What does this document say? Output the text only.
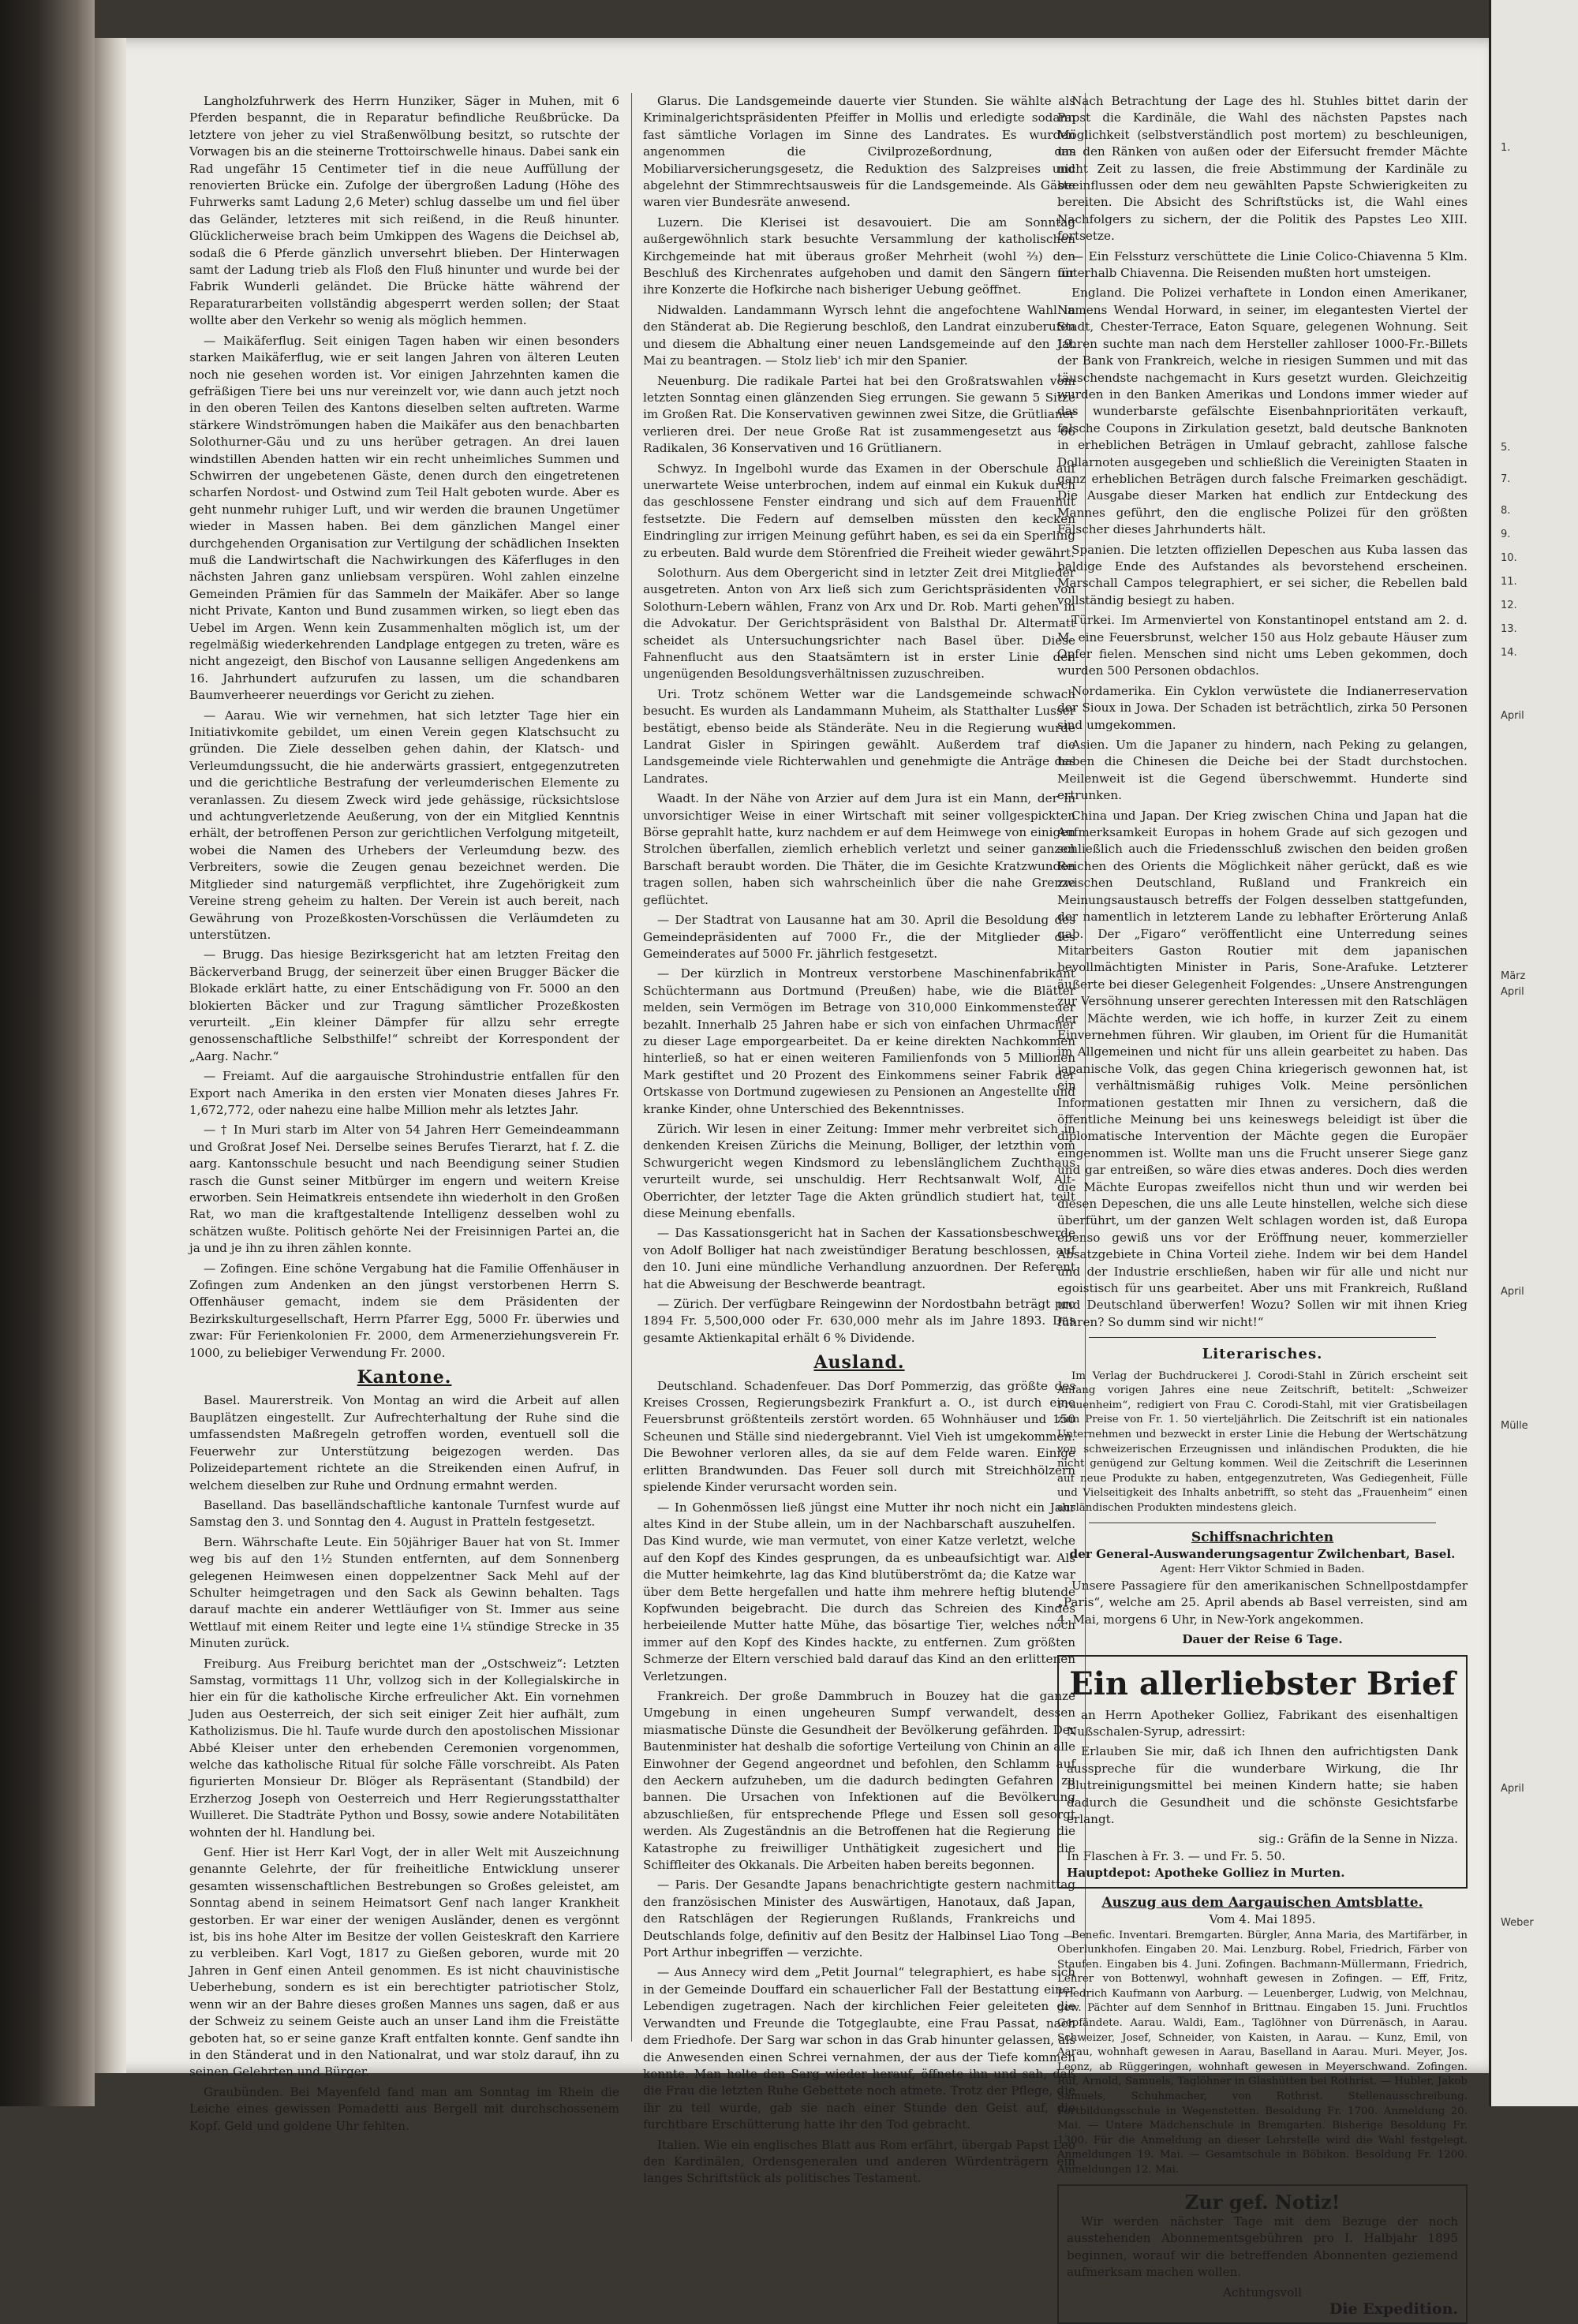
Langholzfuhrwerk des Herrn Hunziker, Säger in Muhen, mit 6 Pferden bespannt, die in Reparatur befindliche Reußbrücke. Da letztere von jeher zu viel Straßenwölbung besitzt, so rutschte der Vorwagen bis an die steinerne Trottoirschwelle hinaus. Dabei sank ein Rad ungefähr 15 Centimeter tief in die neue Auffüllung der renovierten Brücke ein. Zufolge der übergroßen Ladung (Höhe des Fuhrwerks samt Ladung 2,6 Meter) schlug dasselbe um und fiel über das Geländer, letzteres mit sich reißend, in die Reuß hinunter. Glücklicherweise brach beim Umkippen des Wagens die Deichsel ab, sodaß die 6 Pferde gänzlich unversehrt blieben. Der Hinterwagen samt der Ladung trieb als Floß den Fluß hinunter und wurde bei der Fabrik Wunderli geländet. Die Brücke hätte während der Reparaturarbeiten vollständig abgesperrt werden sollen; der Staat wollte aber den Verkehr so wenig als möglich hemmen.

— Maikäferflug. Seit einigen Tagen haben wir einen besonders starken Maikäferflug, wie er seit langen Jahren von älteren Leuten noch nie gesehen worden ist. Vor einigen Jahrzehnten kamen die gefräßigen Tiere bei uns nur vereinzelt vor, wie dann auch jetzt noch in den oberen Teilen des Kantons dieselben selten auftreten. Warme stärkere Windströmungen haben die Maikäfer aus den benachbarten Solothurner-Gäu und zu uns herüber getragen. An drei lauen windstillen Abenden hatten wir ein recht unheimliches Summen und Schwirren der ungebetenen Gäste, denen durch den eingetretenen scharfen Nordost- und Ostwind zum Teil Halt geboten wurde. Aber es geht nunmehr ruhiger Luft, und wir werden die braunen Ungetümer wieder in Massen haben. Bei dem gänzlichen Mangel einer durchgehenden Organisation zur Vertilgung der schädlichen Insekten muß die Landwirtschaft die Nachwirkungen des Käferfluges in den nächsten Jahren ganz unliebsam verspüren. Wohl zahlen einzelne Gemeinden Prämien für das Sammeln der Maikäfer. Aber so lange nicht Private, Kanton und Bund zusammen wirken, so liegt eben das Uebel im Argen. Wenn kein Zusammenhalten möglich ist, um der regelmäßig wiederkehrenden Landplage entgegen zu treten, wäre es nicht angezeigt, den Bischof von Lausanne selligen Angedenkens am 16. Jahrhundert aufzurufen zu lassen, um die schandbaren Baumverheerer neuerdings vor Gericht zu ziehen.

— Aarau. Wie wir vernehmen, hat sich letzter Tage hier ein Initiativkomite gebildet, um einen Verein gegen Klatschsucht zu gründen. Die Ziele desselben gehen dahin, der Klatsch- und Verleumdungssucht, die hie anderwärts grassiert, entgegenzutreten und die gerichtliche Bestrafung der verleumderischen Elemente zu veranlassen. Zu diesem Zweck wird jede gehässige, rücksichtslose und achtungverletzende Aeußerung, von der ein Mitglied Kenntnis erhält, der betroffenen Person zur gerichtlichen Verfolgung mitgeteilt, wobei die Namen des Urhebers der Verleumdung bezw. des Verbreiters, sowie die Zeugen genau bezeichnet werden. Die Mitglieder sind naturgemäß verpflichtet, ihre Zugehörigkeit zum Vereine streng geheim zu halten. Der Verein ist auch bereit, nach Gewährung von Prozeßkosten-Vorschüssen die Verläumdeten zu unterstützen.

— Brugg. Das hiesige Bezirksgericht hat am letzten Freitag den Bäckerverband Brugg, der seinerzeit über einen Brugger Bäcker die Blokade erklärt hatte, zu einer Entschädigung von Fr. 5000 an den blokierten Bäcker und zur Tragung sämtlicher Prozeßkosten verurteilt. „Ein kleiner Dämpfer für allzu sehr erregte genossenschaftliche Selbsthilfe!“ schreibt der Korrespondent der „Aarg. Nachr.“

— Freiamt. Auf die aargauische Strohindustrie entfallen für den Export nach Amerika in den ersten vier Monaten dieses Jahres Fr. 1,672,772, oder nahezu eine halbe Million mehr als letztes Jahr.

— † In Muri starb im Alter von 54 Jahren Herr Gemeindeammann und Großrat Josef Nei. Derselbe seines Berufes Tierarzt, hat f. Z. die aarg. Kantonsschule besucht und nach Beendigung seiner Studien rasch die Gunst seiner Mitbürger im engern und weitern Kreise erworben. Sein Heimatkreis entsendete ihn wiederholt in den Großen Rat, wo man die kraftgestaltende Intelligenz desselben wohl zu schätzen wußte. Politisch gehörte Nei der Freisinnigen Partei an, die ja und je ihn zu ihren zählen konnte.

— Zofingen. Eine schöne Vergabung hat die Familie Offenhäuser in Zofingen zum Andenken an den jüngst verstorbenen Herrn S. Offenhäuser gemacht, indem sie dem Präsidenten der Bezirkskulturgesellschaft, Herrn Pfarrer Egg, 5000 Fr. überwies und zwar: Für Ferienkolonien Fr. 2000, dem Armenerziehungsverein Fr. 1000, zu beliebiger Verwendung Fr. 2000.

Kantone.

Basel. Maurerstreik. Von Montag an wird die Arbeit auf allen Bauplätzen eingestellt. Zur Aufrechterhaltung der Ruhe sind die umfassendsten Maßregeln getroffen worden, eventuell soll die Feuerwehr zur Unterstützung beigezogen werden. Das Polizeidepartement richtete an die Streikenden einen Aufruf, in welchem dieselben zur Ruhe und Ordnung ermahnt werden.

Baselland. Das baselländschaftliche kantonale Turnfest wurde auf Samstag den 3. und Sonntag den 4. August in Pratteln festgesetzt.

Bern. Währschafte Leute. Ein 50jähriger Bauer hat von St. Immer weg bis auf den 1½ Stunden entfernten, auf dem Sonnenberg gelegenen Heimwesen einen doppelzentner Sack Mehl auf der Schulter heimgetragen und den Sack als Gewinn behalten. Tags darauf machte ein anderer Wettläufiger von St. Immer aus seine Wettlauf mit einem Reiter und legte eine 1¼ stündige Strecke in 35 Minuten zurück.

Freiburg. Aus Freiburg berichtet man der „Ostschweiz“: Letzten Samstag, vormittags 11 Uhr, vollzog sich in der Kollegialskirche in hier ein für die katholische Kirche erfreulicher Akt. Ein vornehmen Juden aus Oesterreich, der sich seit einiger Zeit hier aufhält, zum Katholizismus. Die hl. Taufe wurde durch den apostolischen Missionar Abbé Kleiser unter den erhebenden Ceremonien vorgenommen, welche das katholische Ritual für solche Fälle vorschreibt. Als Paten figurierten Monsieur Dr. Blöger als Repräsentant (Standbild) der Erzherzog Joseph von Oesterreich und Herr Regierungsstatthalter Wuilleret. Die Stadträte Python und Bossy, sowie andere Notabilitäten wohnten der hl. Handlung bei.

Genf. Hier ist Herr Karl Vogt, der in aller Welt mit Auszeichnung genannte Gelehrte, der für freiheitliche Entwicklung unserer gesamten wissenschaftlichen Bestrebungen so Großes geleistet, am Sonntag abend in seinem Heimatsort Genf nach langer Krankheit gestorben. Er war einer der wenigen Ausländer, denen es vergönnt ist, bis ins hohe Alter im Besitze der vollen Geisteskraft den Karriere zu verbleiben. Karl Vogt, 1817 zu Gießen geboren, wurde mit 20 Jahren in Genf einen Anteil genommen. Es ist nicht chauvinistische Ueberhebung, sondern es ist ein berechtigter patriotischer Stolz, wenn wir an der Bahre dieses großen Mannes uns sagen, daß er aus der Schweiz zu seinem Geiste auch an unser Land ihm die Freistätte geboten hat, so er seine ganze Kraft entfalten konnte. Genf sandte ihn in den Ständerat und in den Nationalrat, und war stolz darauf, ihn zu seinen Gelehrten und Bürger.

Graubünden. Bei Mayenfeld fand man am Sonntag im Rhein die Leiche eines gewissen Pomadetti aus Bergell mit durchschossenem Kopf. Geld und goldene Uhr fehlten.

Glarus. Die Landsgemeinde dauerte vier Stunden. Sie wählte als Kriminalgerichtspräsidenten Pfeiffer in Mollis und erledigte sodann fast sämtliche Vorlagen im Sinne des Landrates. Es wurden angenommen die Civilprozeßordnung, das Mobiliarversicherungsgesetz, die Reduktion des Salzpreises und abgelehnt der Stimmrechtsausweis für die Landsgemeinde. Als Gäste waren vier Bundesräte anwesend.

Luzern. Die Klerisei ist desavouiert. Die am Sonntag außergewöhnlich stark besuchte Versammlung der katholischen Kirchgemeinde hat mit überaus großer Mehrheit (wohl ⅔) den Beschluß des Kirchenrates aufgehoben und damit den Sängern für ihre Konzerte die Hofkirche nach bisheriger Uebung geöffnet.

Nidwalden. Landammann Wyrsch lehnt die angefochtene Wahl in den Ständerat ab. Die Regierung beschloß, den Landrat einzuberufen und diesem die Abhaltung einer neuen Landsgemeinde auf den 19. Mai zu beantragen. — Stolz lieb' ich mir den Spanier.

Neuenburg. Die radikale Partei hat bei den Großratswahlen vom letzten Sonntag einen glänzenden Sieg errungen. Sie gewann 5 Sitze im Großen Rat. Die Konservativen gewinnen zwei Sitze, die Grütlianer verlieren drei. Der neue Große Rat ist zusammengesetzt aus 66 Radikalen, 36 Konservativen und 16 Grütlianern.

Schwyz. In Ingelbohl wurde das Examen in der Oberschule auf unerwartete Weise unterbrochen, indem auf einmal ein Kukuk durch das geschlossene Fenster eindrang und sich auf dem Frauenhut festsetzte. Die Federn auf demselben müssten den kecken Eindringling zur irrigen Meinung geführt haben, es sei da ein Sperling zu erbeuten. Bald wurde dem Störenfried die Freiheit wieder gewährt.

Solothurn. Aus dem Obergericht sind in letzter Zeit drei Mitglieder ausgetreten. Anton von Arx ließ sich zum Gerichtspräsidenten von Solothurn-Lebern wählen, Franz von Arx und Dr. Rob. Marti gehen in die Advokatur. Der Gerichtspräsident von Balsthal Dr. Altermatt scheidet als Untersuchungsrichter nach Basel über. Diese Fahnenflucht aus den Staatsämtern ist in erster Linie den ungenügenden Besoldungsverhältnissen zuzuschreiben.

Uri. Trotz schönem Wetter war die Landsgemeinde schwach besucht. Es wurden als Landammann Muheim, als Statthalter Lusser bestätigt, ebenso beide als Ständeräte. Neu in die Regierung wurde Landrat Gisler in Spiringen gewählt. Außerdem traf die Landsgemeinde viele Richterwahlen und genehmigte die Anträge des Landrates.

Waadt. In der Nähe von Arzier auf dem Jura ist ein Mann, der in unvorsichtiger Weise in einer Wirtschaft mit seiner vollgespickten Börse geprahlt hatte, kurz nachdem er auf dem Heimwege von einigen Strolchen überfallen, ziemlich erheblich verletzt und seiner ganzen Barschaft beraubt worden. Die Thäter, die im Gesichte Kratzwunden tragen sollen, haben sich wahrscheinlich über die nahe Grenze geflüchtet.

— Der Stadtrat von Lausanne hat am 30. April die Besoldung des Gemeindepräsidenten auf 7000 Fr., die der Mitglieder des Gemeinderates auf 5000 Fr. jährlich festgesetzt.

— Der kürzlich in Montreux verstorbene Maschinenfabrikant Schüchtermann aus Dortmund (Preußen) habe, wie die Blätter melden, sein Vermögen im Betrage von 310,000 Einkommensteuer bezahlt. Innerhalb 25 Jahren habe er sich von einfachen Uhrmacher zu dieser Lage emporgearbeitet. Da er keine direkten Nachkommen hinterließ, so hat er einen weiteren Familienfonds von 5 Millionen Mark gestiftet und 20 Prozent des Einkommens seiner Fabrik der Ortskasse von Dortmund zugewiesen zu Pensionen an Angestellte und kranke Kinder, ohne Unterschied des Bekenntnisses.

Zürich. Wir lesen in einer Zeitung: Immer mehr verbreitet sich in denkenden Kreisen Zürichs die Meinung, Bolliger, der letzthin vom Schwurgericht wegen Kindsmord zu lebenslänglichem Zuchthaus verurteilt wurde, sei unschuldig. Herr Rechtsanwalt Wolf, Alt-Oberrichter, der letzter Tage die Akten gründlich studiert hat, teilt diese Meinung ebenfalls.

— Das Kassationsgericht hat in Sachen der Kassationsbeschwerde von Adolf Bolliger hat nach zweistündiger Beratung beschlossen, auf den 10. Juni eine mündliche Verhandlung anzuordnen. Der Referent hat die Abweisung der Beschwerde beantragt.

— Zürich. Der verfügbare Reingewinn der Nordostbahn beträgt pro 1894 Fr. 5,500,000 oder Fr. 630,000 mehr als im Jahre 1893. Das gesamte Aktienkapital erhält 6 % Dividende.

Ausland.

Deutschland. Schadenfeuer. Das Dorf Pommerzig, das größte des Kreises Crossen, Regierungsbezirk Frankfurt a. O., ist durch eine Feuersbrunst größtenteils zerstört worden. 65 Wohnhäuser und 150 Scheunen und Ställe sind niedergebrannt. Viel Vieh ist umgekommen. Die Bewohner verloren alles, da sie auf dem Felde waren. Einige erlitten Brandwunden. Das Feuer soll durch mit Streichhölzern spielende Kinder verursacht worden sein.

— In Gohenmössen ließ jüngst eine Mutter ihr noch nicht ein Jahr altes Kind in der Stube allein, um in der Nachbarschaft auszuhelfen. Das Kind wurde, wie man vermutet, von einer Katze verletzt, welche auf den Kopf des Kindes gesprungen, da es unbeaufsichtigt war. Als die Mutter heimkehrte, lag das Kind blutüberströmt da; die Katze war über dem Bette hergefallen und hatte ihm mehrere heftig blutende Kopfwunden beigebracht. Die durch das Schreien des Kindes herbeieilende Mutter hatte Mühe, das bösartige Tier, welches noch immer auf den Kopf des Kindes hackte, zu entfernen. Zum größten Schmerze der Eltern verschied bald darauf das Kind an den erlittenen Verletzungen.

Frankreich. Der große Dammbruch in Bouzey hat die ganze Umgebung in einen ungeheuren Sumpf verwandelt, dessen miasmatische Dünste die Gesundheit der Bevölkerung gefährden. Der Bautenminister hat deshalb die sofortige Verteilung von Chinin an alle Einwohner der Gegend angeordnet und befohlen, den Schlamm auf den Aeckern aufzuheben, um die dadurch bedingten Gefahren zu bannen. Die Ursachen von Infektionen auf die Bevölkerung abzuschließen, für entsprechende Pflege und Essen soll gesorgt werden. Als Zugeständnis an die Betroffenen hat die Regierung die Katastrophe zu freiwilliger Unthätigkeit zugesichert und die Schiffleiter des Okkanals. Die Arbeiten haben bereits begonnen.

— Paris. Der Gesandte Japans benachrichtigte gestern nachmittag den französischen Minister des Auswärtigen, Hanotaux, daß Japan, den Ratschlägen der Regierungen Rußlands, Frankreichs und Deutschlands folge, definitiv auf den Besitz der Halbinsel Liao Tong — Port Arthur inbegriffen — verzichte.

— Aus Annecy wird dem „Petit Journal“ telegraphiert, es habe sich in der Gemeinde Douffard ein schauerlicher Fall der Bestattung einer Lebendigen zugetragen. Nach der kirchlichen Feier geleiteten die Verwandten und Freunde die Totgeglaubte, eine Frau Passat, nach dem Friedhofe. Der Sarg war schon in das Grab hinunter gelassen, als die Anwesenden einen Schrei vernahmen, der aus der Tiefe kommen konnte. Man holte den Sarg wieder herauf, öffnete ihn und sah, daß die Frau die letzten Ruhe Gebettete noch atmete. Trotz der Pflege, die ihr zu teil wurde, gab sie nach einer Stunde den Geist auf, die furchtbare Erschütterung hatte ihr den Tod gebracht.

Italien. Wie ein englisches Blatt aus Rom erfährt, übergab Papst Leo den Kardinälen, Ordensgeneralen und anderen Würdenträgern ein langes Schriftstück als politisches Testament.

Nach Betrachtung der Lage des hl. Stuhles bittet darin der Papst die Kardinäle, die Wahl des nächsten Papstes nach Möglichkeit (selbstverständlich post mortem) zu beschleunigen, um den Ränken von außen oder der Eifersucht fremder Mächte nicht Zeit zu lassen, die freie Abstimmung der Kardinäle zu beeinflussen oder dem neu gewählten Papste Schwierigkeiten zu bereiten. Die Absicht des Schriftstücks ist, die Wahl eines Nachfolgers zu sichern, der die Politik des Papstes Leo XIII. fortsetze.

— Ein Felssturz verschüttete die Linie Colico-Chiavenna 5 Klm. unterhalb Chiavenna. Die Reisenden mußten hort umsteigen.

England. Die Polizei verhaftete in London einen Amerikaner, Namens Wendal Horward, in seiner, im elegantesten Viertel der Stadt, Chester-Terrace, Eaton Square, gelegenen Wohnung. Seit Jahren suchte man nach dem Hersteller zahlloser 1000-Fr.-Billets der Bank von Frankreich, welche in riesigen Summen und mit das täuschendste nachgemacht in Kurs gesetzt wurden. Gleichzeitig wurden in den Banken Amerikas und Londons immer wieder auf das wunderbarste gefälschte Eisenbahnprioritäten verkauft, falsche Coupons in Zirkulation gesetzt, bald deutsche Banknoten in erheblichen Beträgen in Umlauf gebracht, zahllose falsche Dollarnoten ausgegeben und schließlich die Vereinigten Staaten in ganz erheblichen Beträgen durch falsche Freimarken geschädigt. Die Ausgabe dieser Marken hat endlich zur Entdeckung des Mannes geführt, den die englische Polizei für den größten Fälscher dieses Jahrhunderts hält.

Spanien. Die letzten offiziellen Depeschen aus Kuba lassen das baldige Ende des Aufstandes als bevorstehend erscheinen. Marschall Campos telegraphiert, er sei sicher, die Rebellen bald vollständig besiegt zu haben.

Türkei. Im Armenviertel von Konstantinopel entstand am 2. d. M. eine Feuersbrunst, welcher 150 aus Holz gebaute Häuser zum Opfer fielen. Menschen sind nicht ums Leben gekommen, doch wurden 500 Personen obdachlos.

Nordamerika. Ein Cyklon verwüstete die Indianerreservation der Sioux in Jowa. Der Schaden ist beträchtlich, zirka 50 Personen sind umgekommen.

Asien. Um die Japaner zu hindern, nach Peking zu gelangen, haben die Chinesen die Deiche bei der Stadt durchstochen. Meilenweit ist die Gegend überschwemmt. Hunderte sind ertrunken.

China und Japan. Der Krieg zwischen China und Japan hat die Aufmerksamkeit Europas in hohem Grade auf sich gezogen und schließlich auch die Friedensschluß zwischen den beiden großen Reichen des Orients die Möglichkeit näher gerückt, daß es wie zwischen Deutschland, Rußland und Frankreich ein Meinungsaustausch betreffs der Folgen desselben stattgefunden, der namentlich in letzterem Lande zu lebhafter Erörterung Anlaß gab. Der „Figaro“ veröffentlicht eine Unterredung seines Mitarbeiters Gaston Routier mit dem japanischen bevollmächtigten Minister in Paris, Sone-Arafuke. Letzterer äußerte bei dieser Gelegenheit Folgendes: „Unsere Anstrengungen zur Versöhnung unserer gerechten Interessen mit den Ratschlägen der Mächte werden, wie ich hoffe, in kurzer Zeit zu einem Einvernehmen führen. Wir glauben, im Orient für die Humanität im Allgemeinen und nicht für uns allein gearbeitet zu haben. Das japanische Volk, das gegen China kriegerisch gewonnen hat, ist ein verhältnismäßig ruhiges Volk. Meine persönlichen Informationen gestatten mir Ihnen zu versichern, daß die öffentliche Meinung bei uns keineswegs beleidigt ist über die diplomatische Intervention der Mächte gegen die Europäer eingenommen ist. Wollte man uns die Frucht unserer Siege ganz und gar entreißen, so wäre dies etwas anderes. Doch dies werden die Mächte Europas zweifellos nicht thun und wir werden bei diesen Depeschen, die uns alle Leute hinstellen, welche sich diese überführt, um der ganzen Welt schlagen worden ist, daß Europa ebenso gewiß uns vor der Eröffnung neuer, kommerzieller Absatzgebiete in China Vorteil ziehe. Indem wir bei dem Handel und der Industrie erschließen, haben wir für alle und nicht nur egoistisch für uns gearbeitet. Aber uns mit Frankreich, Rußland und Deutschland überwerfen! Wozu? Sollen wir mit ihnen Krieg führen? So dumm sind wir nicht!“

Literarisches.

Im Verlag der Buchdruckerei J. Corodi-Stahl in Zürich erscheint seit Anfang vorigen Jahres eine neue Zeitschrift, betitelt: „Schweizer Frauenheim“, redigiert von Frau C. Corodi-Stahl, mit vier Gratisbeilagen zum Preise von Fr. 1. 50 vierteljährlich. Die Zeitschrift ist ein nationales Unternehmen und bezweckt in erster Linie die Hebung der Wertschätzung von schweizerischen Erzeugnissen und inländischen Produkten, die hie nicht genügend zur Geltung kommen. Weil die Zeitschrift die Leserinnen auf neue Produkte zu haben, entgegenzutreten, Was Gediegenheit, Fülle und Vielseitigkeit des Inhalts anbetrifft, so steht das „Frauenheim“ einen ausländischen Produkten mindestens gleich.

Schiffsnachrichten
der General-Auswanderungsagentur Zwilchenbart, Basel.
Agent: Herr Viktor Schmied in Baden.

Unsere Passagiere für den amerikanischen Schnellpostdampfer „Paris“, welche am 25. April abends ab Basel verreisten, sind am 4. Mai, morgens 6 Uhr, in New-York angekommen.

Dauer der Reise 6 Tage.
Ein allerliebster Brief

an Herrn Apotheker Golliez, Fabrikant des eisenhaltigen Nußschalen-Syrup, adressirt:

Erlauben Sie mir, daß ich Ihnen den aufrichtigsten Dank ausspreche für die wunderbare Wirkung, die Ihr Blutreinigungsmittel bei meinen Kindern hatte; sie haben dadurch die Gesundheit und die schönste Gesichtsfarbe erlangt.

sig.: Gräfin de la Senne in Nizza.
In Flaschen à Fr. 3. — und Fr. 5. 50.
Hauptdepot: Apotheke Golliez in Murten.
Auszug aus dem Aargauischen Amtsblatte.
Vom 4. Mai 1895.

Benefic. Inventari. Bremgarten. Bürgler, Anna Maria, des Martifärber, in Oberlunkhofen. Eingaben 20. Mai. Lenzburg. Robel, Friedrich, Färber von Staufen. Eingaben bis 4. Juni. Zofingen. Bachmann-Müllermann, Friedrich, Lehrer von Bottenwyl, wohnhaft gewesen in Zofingen. — Eff, Fritz, Friedrich Kaufmann von Aarburg. — Leuenberger, Ludwig, von Melchnau, gew. Pächter auf dem Sennhof in Brittnau. Eingaben 15. Juni. Fruchtlos Gepfändete. Aarau. Waldi, Eam., Taglöhner von Dürrenäsch, in Aarau. Schweizer, Josef, Schneider, von Kaisten, in Aarau. — Kunz, Emil, von Aarau, wohnhaft gewesen in Aarau, Baselland in Aarau. Muri. Meyer, Jos. Leonz, ab Rüggeringen, wohnhaft gewesen in Meyerschwand. Zofingen. Ruf, Arnold, Samuels, Taglöhner in Glashütten bei Rothrist. — Hubler, Jakob Samuels, Schuhmacher, von Rothrist. Stellenausschreibung. Fortbildungsschule in Wegenstetten. Besoldung Fr. 1700. Anmeldung 20. Mai. — Untere Mädchenschule in Bremgarten. Bisherige Besoldung Fr. 1300. Für die Anmeldung an dieser Lehrstelle wird die Wahl festgelegt. Anmeldungen 19. Mai. — Gesamtschule in Böbikon. Besoldung Fr. 1200. Anmeldungen 12. Mai.

Zur gef. Notiz!

Wir werden nächster Tage mit dem Bezuge der noch ausstehenden Abonnementsgebühren pro I. Halbjahr 1895 beginnen, worauf wir die betreffenden Abonnenten geziemend aufmerksam machen wollen.

Achtungsvoll
Die Expedition.
1.
5.
7.
8.
9.
10.
11.
12.
13.
14.
April
März
April
April
Mülle
April
Weber
